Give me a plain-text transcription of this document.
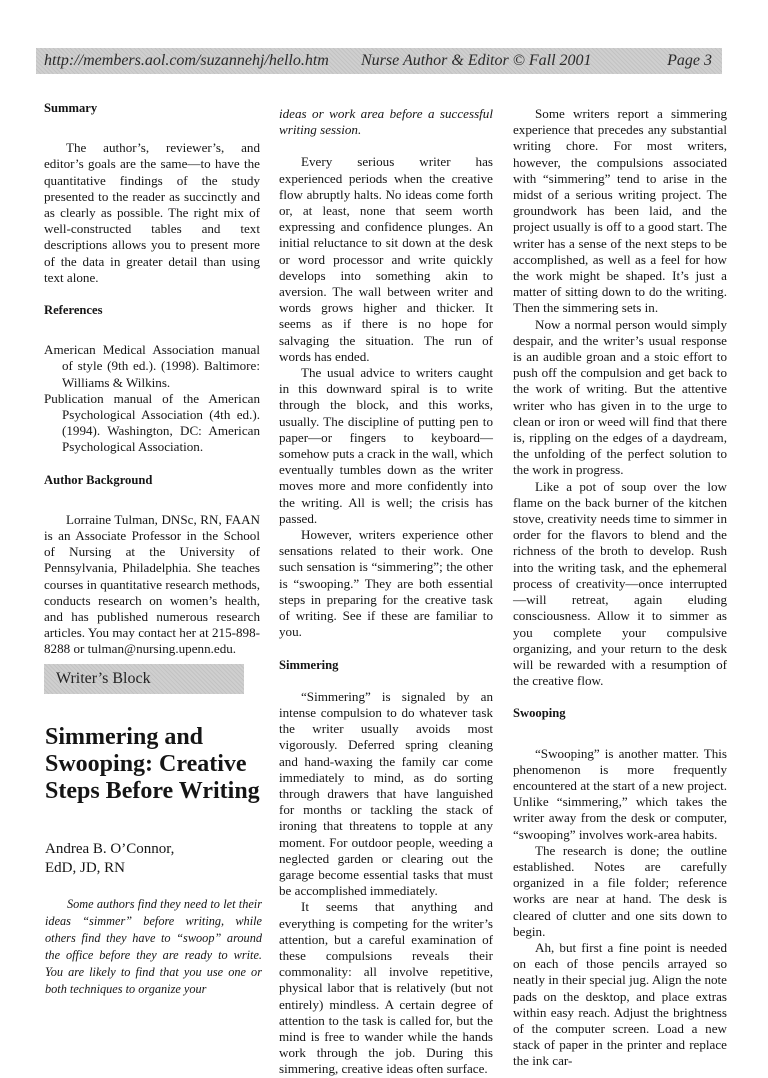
http://members.aol.com/suzannehj/hello.htm Nurse Author & Editor © Fall 2001	Page 3

Summary

The author’s, reviewer’s, and editor’s goals are the same—to have the quantitative findings of the study presented to the reader as succinctly and as clearly as possible. The right mix of well-constructed tables and text descriptions allows you to present more of the data in greater detail than using text alone.

References

American Medical Association manual of style (9th ed.). (1998). Baltimore: Williams & Wilkins.

Publication manual of the American Psychological Association (4th ed.). (1994). Washington, DC: American Psychological Association.

Author Background

Lorraine Tulman, DNSc, RN, FAAN is an Associate Professor in the School of Nursing at the University of Pennsylvania, Philadelphia. She teaches courses in quantitative research methods, conducts research on women’s health, and has published numerous research articles. You may contact her at 215-898-8288 or tulman@nursing.upenn.edu.

Writer’s Block
Simmering and Swooping: Creative Steps Before Writing
Andrea B. O’Connor,
EdD, JD, RN

Some authors find they need to let their ideas “simmer” before writing, while others find they have to “swoop” around the office before they are ready to write. You are likely to find that you use one or both techniques to organize your

ideas or work area before a successful writing session.

Every serious writer has experienced periods when the creative flow abruptly halts. No ideas come forth or, at least, none that seem worth expressing and confidence plunges. An initial reluctance to sit down at the desk or word processor and write quickly develops into something akin to aversion. The wall between writer and words grows higher and thicker. It seems as if there is no hope for salvaging the situation. The run of words has ended.

The usual advice to writers caught in this downward spiral is to write through the block, and this works, usually. The discipline of putting pen to paper—or fingers to keyboard—somehow puts a crack in the wall, which eventually tumbles down as the writer moves more and more confidently into the writing. All is well; the crisis has passed.

However, writers experience other sensations related to their work. One such sensation is “simmering”; the other is “swooping.” They are both essential steps in preparing for the creative task of writing. See if these are familiar to you.

Simmering

“Simmering” is signaled by an intense compulsion to do whatever task the writer usually avoids most vigorously. Deferred spring cleaning and hand-waxing the family car come immediately to mind, as do sorting through drawers that have languished for months or tackling the stack of ironing that threatens to topple at any moment. For outdoor people, weeding a neglected garden or clearing out the garage become essential tasks that must be accomplished immediately.

It seems that anything and everything is competing for the writer’s attention, but a careful examination of these compulsions reveals their commonality: all involve repetitive, physical labor that is relatively (but not entirely) mindless. A certain degree of attention to the task is called for, but the mind is free to wander while the hands work through the job. During this simmering, creative ideas often surface.

Some writers report a simmering experience that precedes any substantial writing chore. For most writers, however, the compulsions associated with “simmering” tend to arise in the midst of a serious writing project. The groundwork has been laid, and the project usually is off to a good start. The writer has a sense of the next steps to be accomplished, as well as a feel for how the work might be shaped. It’s just a matter of sitting down to do the writing. Then the simmering sets in.

Now a normal person would simply despair, and the writer’s usual response is an audible groan and a stoic effort to push off the compulsion and get back to the work of writing. But the attentive writer who has given in to the urge to clean or iron or weed will find that there is, rippling on the edges of a daydream, the unfolding of the perfect solution to the work in progress.

Like a pot of soup over the low flame on the back burner of the kitchen stove, creativity needs time to simmer in order for the flavors to blend and the richness of the broth to develop. Rush into the writing task, and the ephemeral process of creativity—once interrupted—will retreat, again eluding consciousness. Allow it to simmer as you complete your compulsive organizing, and your return to the desk will be rewarded with a resumption of the creative flow.

Swooping

“Swooping” is another matter. This phenomenon is more frequently encountered at the start of a new project. Unlike “simmering,” which takes the writer away from the desk or computer, “swooping” involves work-area habits.

The research is done; the outline established. Notes are carefully organized in a file folder; reference works are near at hand. The desk is cleared of clutter and one sits down to begin.

Ah, but first a fine point is needed on each of those pencils arrayed so neatly in their special jug. Align the note pads on the desktop, and place extras within easy reach. Adjust the brightness of the computer screen. Load a new stack of paper in the printer and replace the ink car-
